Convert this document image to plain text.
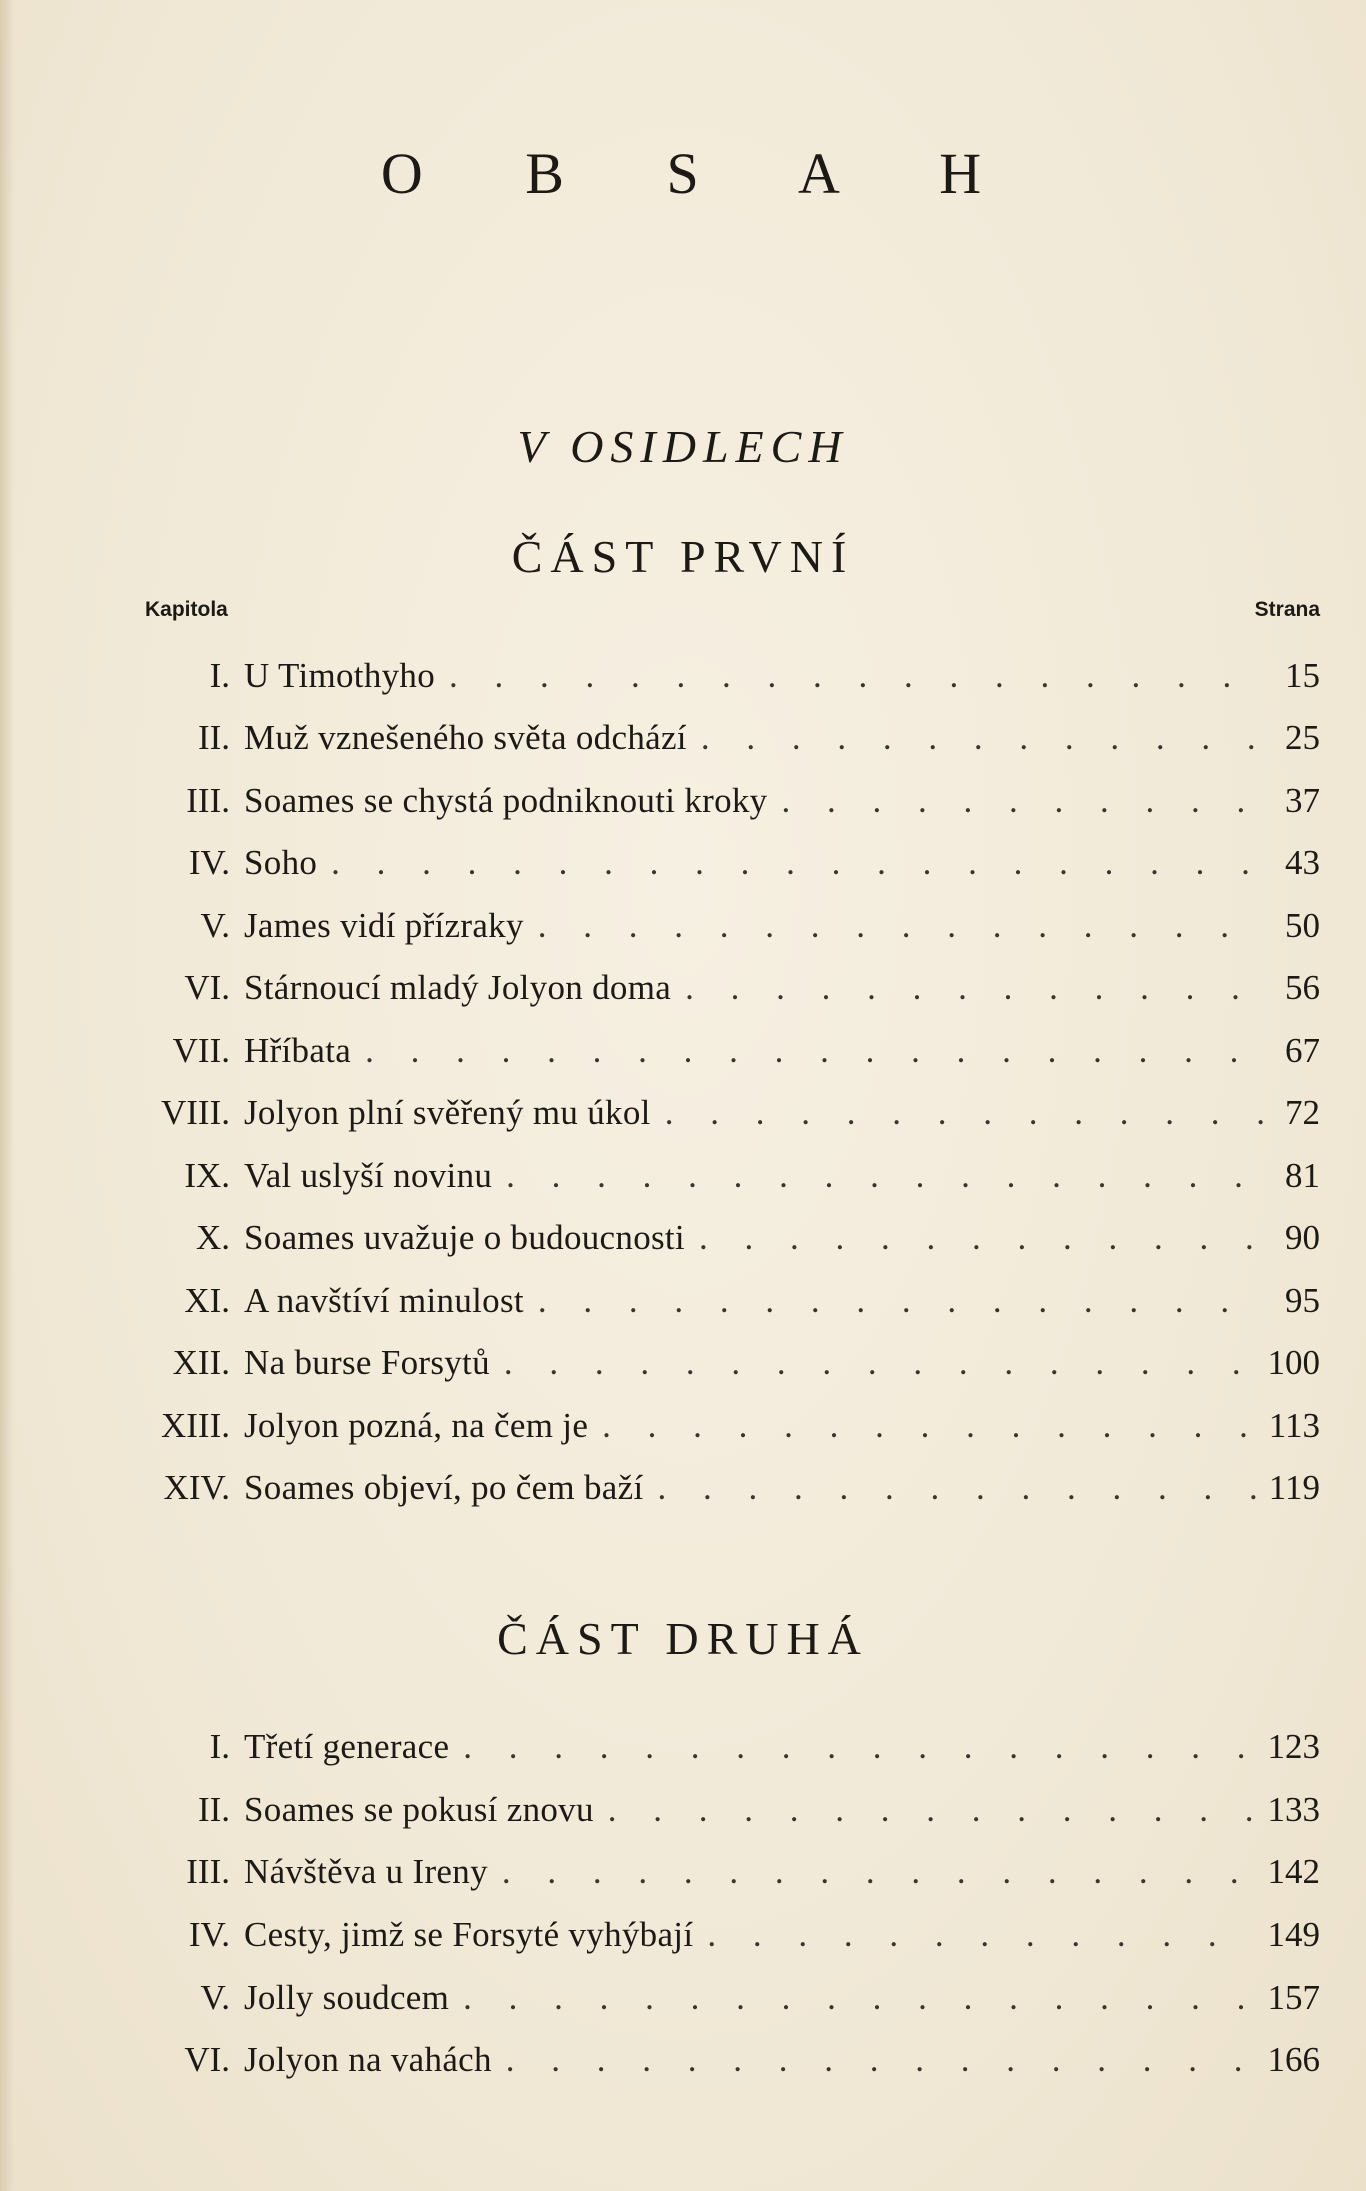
O B S A H
V OSIDLECH
ČÁST PRVNÍ
Kapitola	Strana
I. U Timothyho . . .	15
II. Muž vznešeného světa odchází . . .	25
III. Soames se chystá podniknouti kroky . . .	37
IV. Soho . . .	43
V. James vidí přízraky . . .	50
VI. Stárnoucí mladý Jolyon doma . . .	56
VII. Hříbata . . .	67
VIII. Jolyon plní svěřený mu úkol . . .	72
IX. Val uslyší novinu . . .	81
X. Soames uvažuje o budoucnosti . . .	90
XI. A navštíví minulost . . .	95
XII. Na burse Forsytů . . .	100
XIII. Jolyon pozná, na čem je . . .	113
XIV. Soames objeví, po čem baží . . .	119
ČÁST DRUHÁ
I. Třetí generace . . .	123
II. Soames se pokusí znovu . . .	133
III. Návštěva u Ireny . . .	142
IV. Cesty, jimž se Forsyté vyhýbají . . .	149
V. Jolly soudcem . . .	157
VI. Jolyon na vahách . . .	166
